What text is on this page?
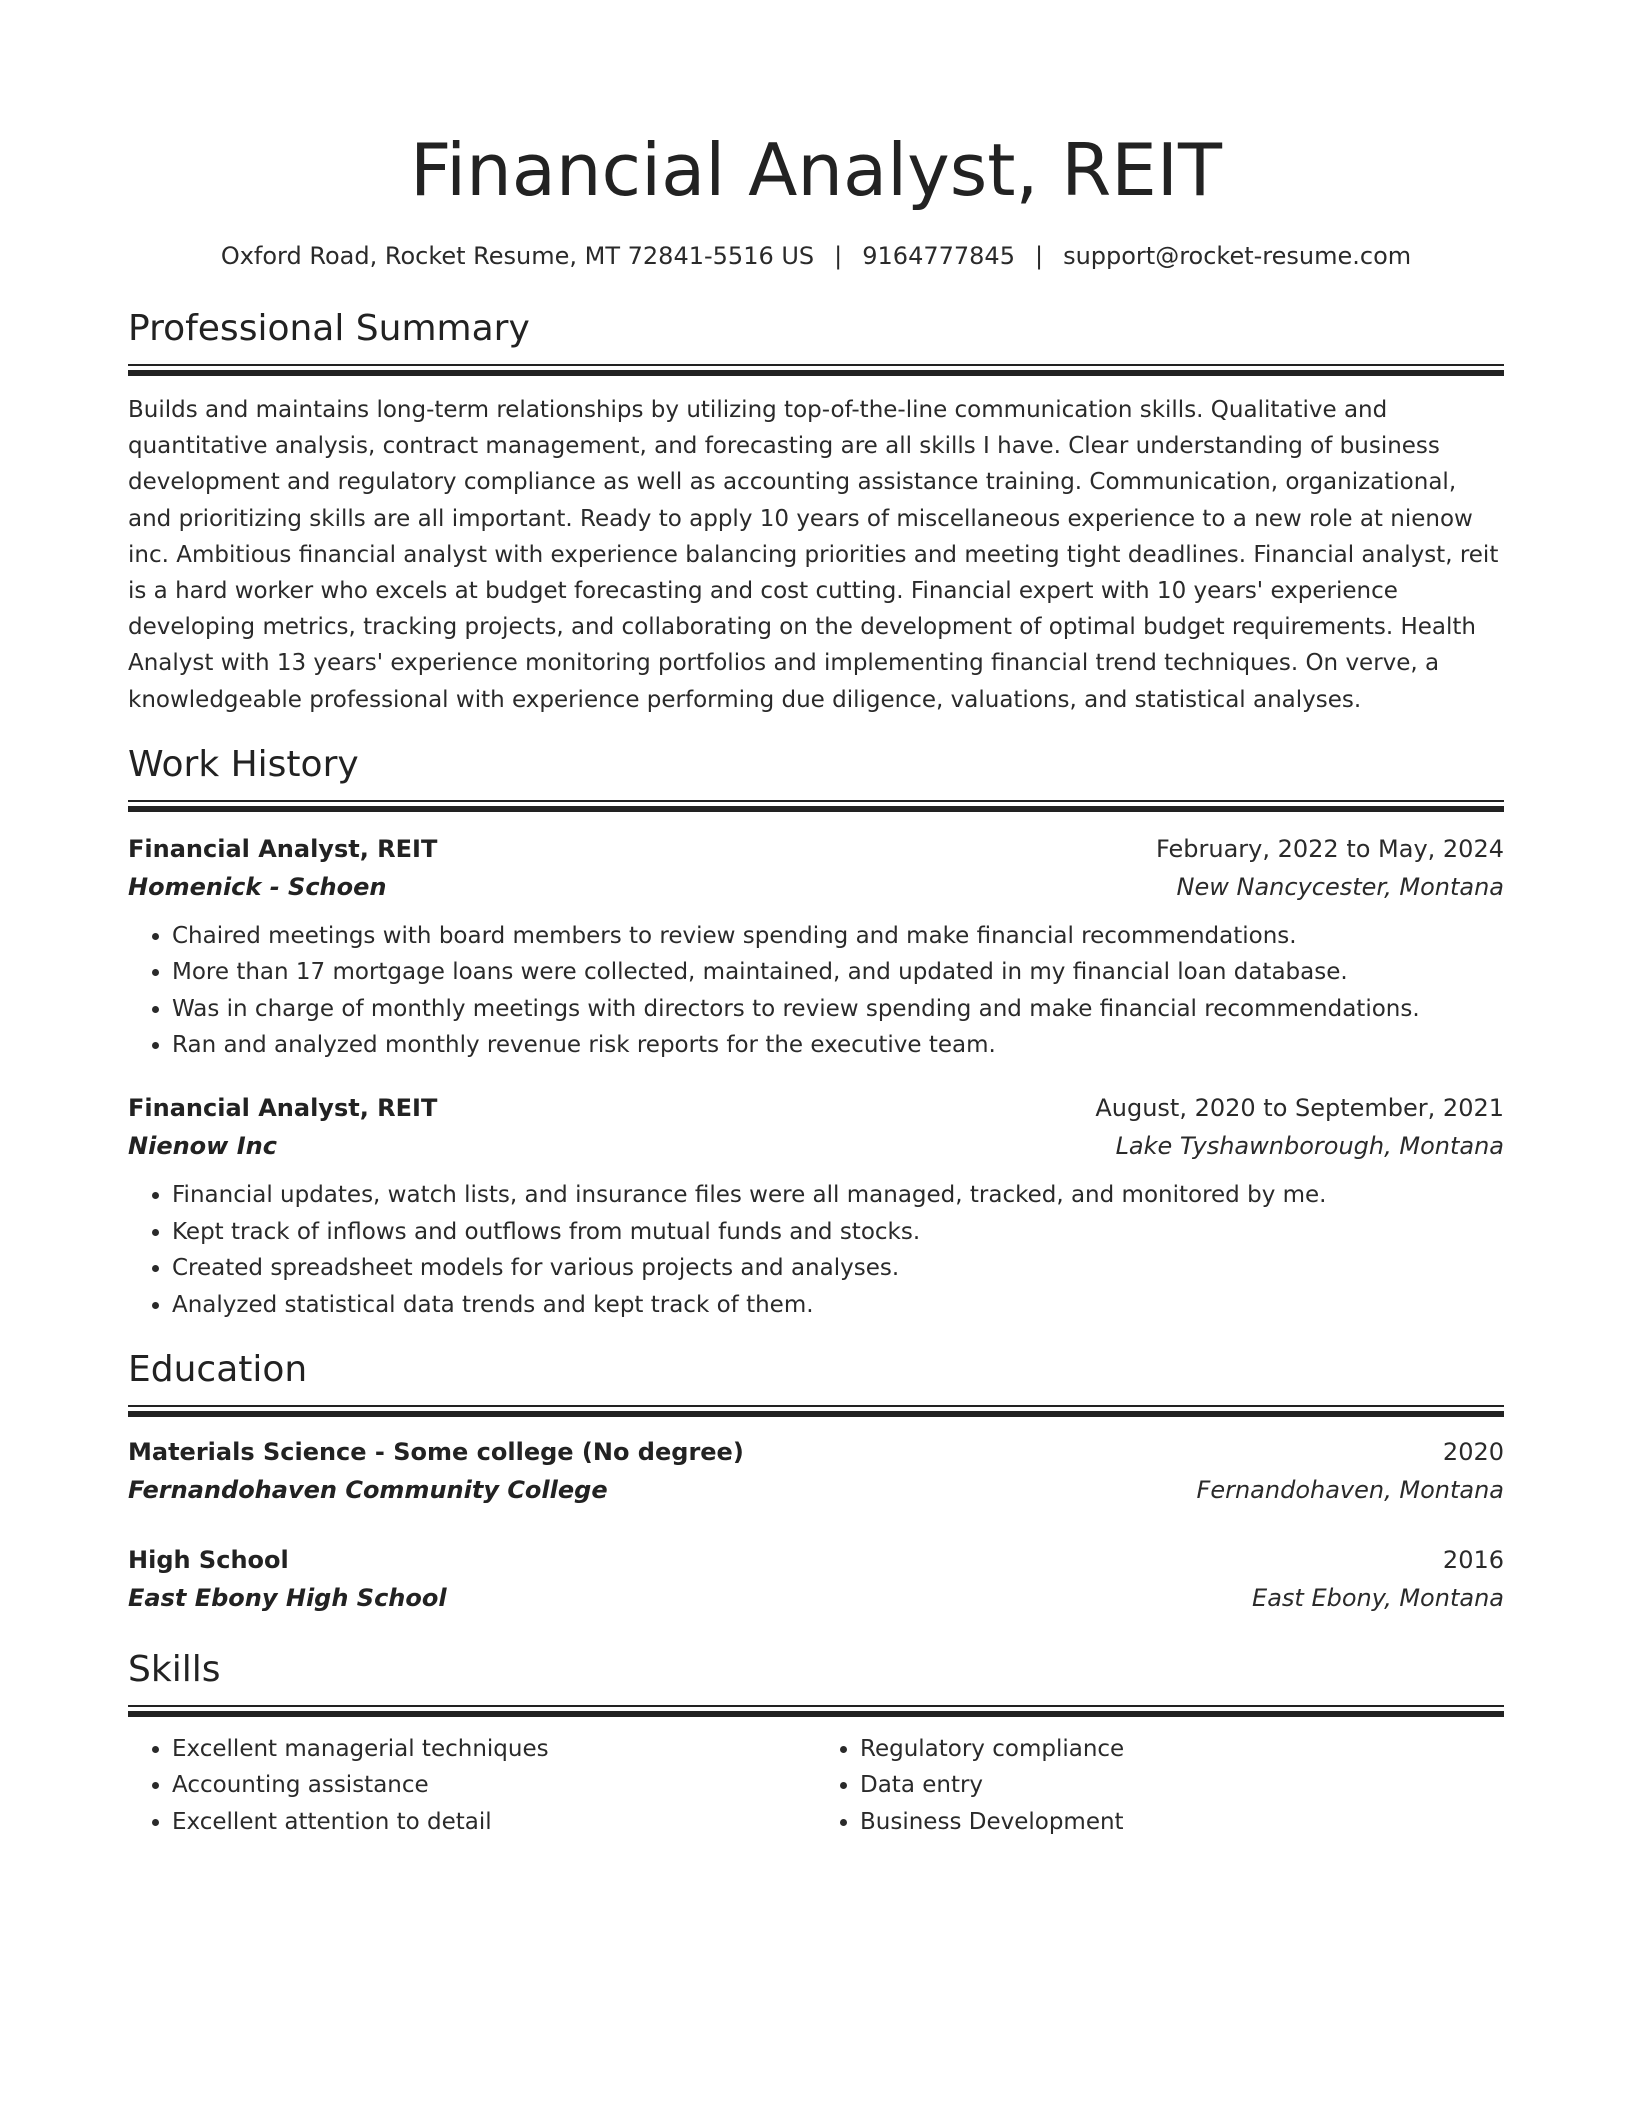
Financial Analyst, REIT
Oxford Road, Rocket Resume, MT 72841-5516 US | 9164777845 | support@rocket-resume.com
Professional Summary

Builds and maintains long-term relationships by utilizing top-of-the-line communication skills. Qualitative and quantitative analysis, contract management, and forecasting are all skills I have. Clear understanding of business development and regulatory compliance as well as accounting assistance training. Communication, organizational, and prioritizing skills are all important. Ready to apply 10 years of miscellaneous experience to a new role at nienow inc. Ambitious financial analyst with experience balancing priorities and meeting tight deadlines. Financial analyst, reit is a hard worker who excels at budget forecasting and cost cutting. Financial expert with 10 years' experience developing metrics, tracking projects, and collaborating on the development of optimal budget requirements. Health Analyst with 13 years' experience monitoring portfolios and implementing financial trend techniques. On verve, a knowledgeable professional with experience performing due diligence, valuations, and statistical analyses.

Work History
Financial Analyst, REIT	February, 2022 to May, 2024
Homenick - Schoen	New Nancycester, Montana
• Chaired meetings with board members to review spending and make financial recommendations.
• More than 17 mortgage loans were collected, maintained, and updated in my financial loan database.
• Was in charge of monthly meetings with directors to review spending and make financial recommendations.
• Ran and analyzed monthly revenue risk reports for the executive team.
Financial Analyst, REIT	August, 2020 to September, 2021
Nienow Inc	Lake Tyshawnborough, Montana
• Financial updates, watch lists, and insurance files were all managed, tracked, and monitored by me.
• Kept track of inflows and outflows from mutual funds and stocks.
• Created spreadsheet models for various projects and analyses.
• Analyzed statistical data trends and kept track of them.
Education
Materials Science - Some college (No degree)	2020
Fernandohaven Community College	Fernandohaven, Montana
High School	2016
East Ebony High School	East Ebony, Montana
Skills
• Excellent managerial techniques
• Accounting assistance
• Excellent attention to detail
• Regulatory compliance
• Data entry
• Business Development
